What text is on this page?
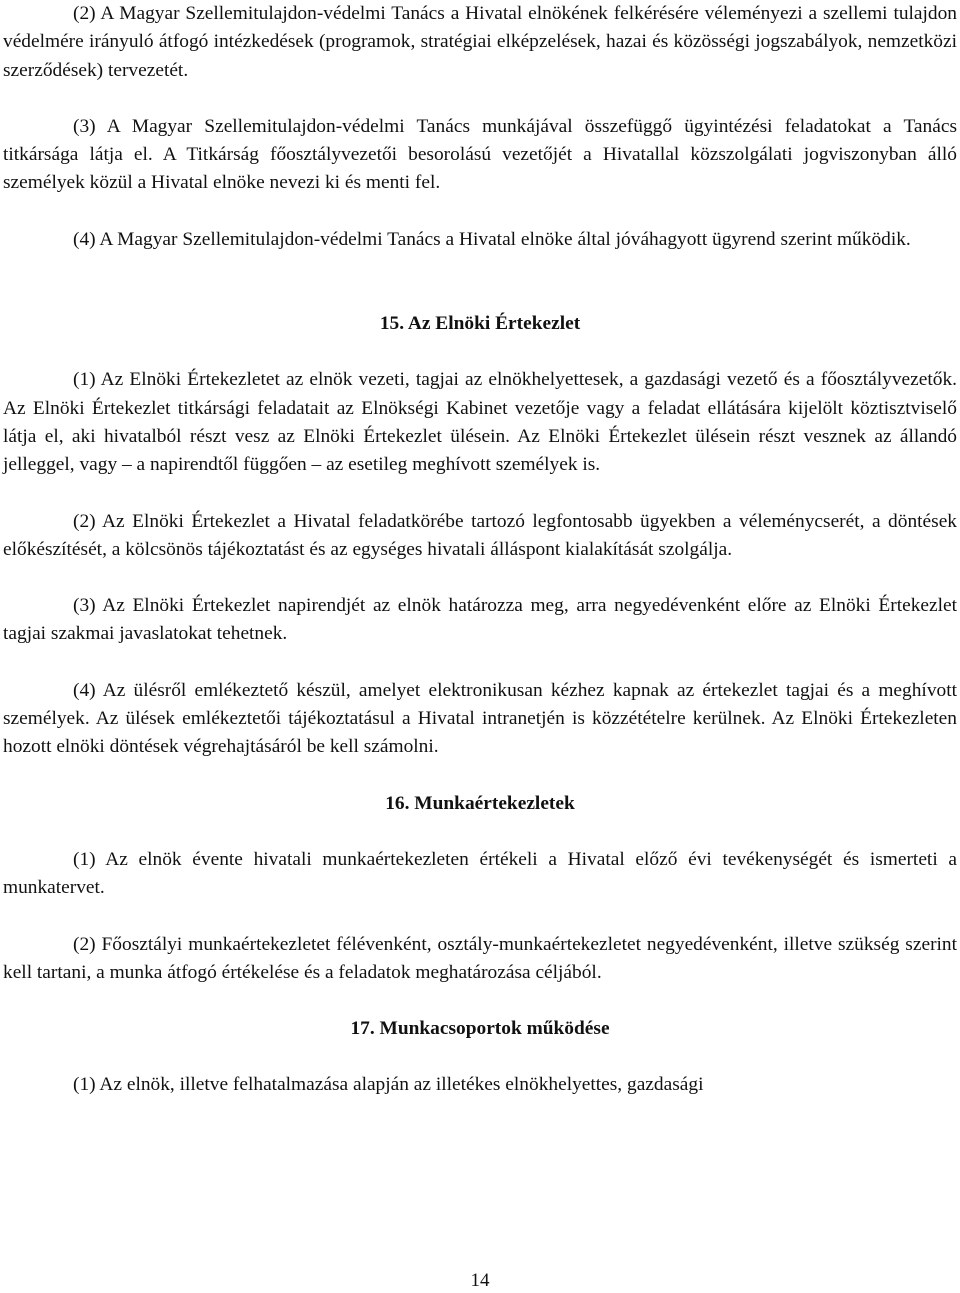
(2) A Magyar Szellemitulajdon-védelmi Tanács a Hivatal elnökének felkérésére véleményezi a szellemi tulajdon védelmére irányuló átfogó intézkedések (programok, stratégiai elképzelések, hazai és közösségi jogszabályok, nemzetközi szerződések) tervezetét.

(3) A Magyar Szellemitulajdon-védelmi Tanács munkájával összefüggő ügyintézési feladatokat a Tanács titkársága látja el. A Titkárság főosztályvezetői besorolású vezetőjét a Hivatallal közszolgálati jogviszonyban álló személyek közül a Hivatal elnöke nevezi ki és menti fel.

(4) A Magyar Szellemitulajdon-védelmi Tanács a Hivatal elnöke által jóváhagyott ügyrend szerint működik.

15. Az Elnöki Értekezlet

(1) Az Elnöki Értekezletet az elnök vezeti, tagjai az elnökhelyettesek, a gazdasági vezető és a főosztályvezetők. Az Elnöki Értekezlet titkársági feladatait az Elnökségi Kabinet vezetője vagy a feladat ellátására kijelölt köztisztviselő látja el, aki hivatalból részt vesz az Elnöki Értekezlet ülésein. Az Elnöki Értekezlet ülésein részt vesznek az állandó jelleggel, vagy – a napirendtől függően – az esetileg meghívott személyek is.

(2) Az Elnöki Értekezlet a Hivatal feladatkörébe tartozó legfontosabb ügyekben a véleménycserét, a döntések előkészítését, a kölcsönös tájékoztatást és az egységes hivatali álláspont kialakítását szolgálja.

(3) Az Elnöki Értekezlet napirendjét az elnök határozza meg, arra negyedévenként előre az Elnöki Értekezlet tagjai szakmai javaslatokat tehetnek.

(4) Az ülésről emlékeztető készül, amelyet elektronikusan kézhez kapnak az értekezlet tagjai és a meghívott személyek. Az ülések emlékeztetői tájékoztatásul a Hivatal intranetjén is közzétételre kerülnek. Az Elnöki Értekezleten hozott elnöki döntések végrehajtásáról be kell számolni.

16. Munkaértekezletek

(1) Az elnök évente hivatali munkaértekezleten értékeli a Hivatal előző évi tevékenységét és ismerteti a munkatervet.

(2) Főosztályi munkaértekezletet félévenként, osztály-munkaértekezletet negyedévenként, illetve szükség szerint kell tartani, a munka átfogó értékelése és a feladatok meghatározása céljából.

17. Munkacsoportok működése

(1) Az elnök, illetve felhatalmazása alapján az illetékes elnökhelyettes, gazdasági

14
